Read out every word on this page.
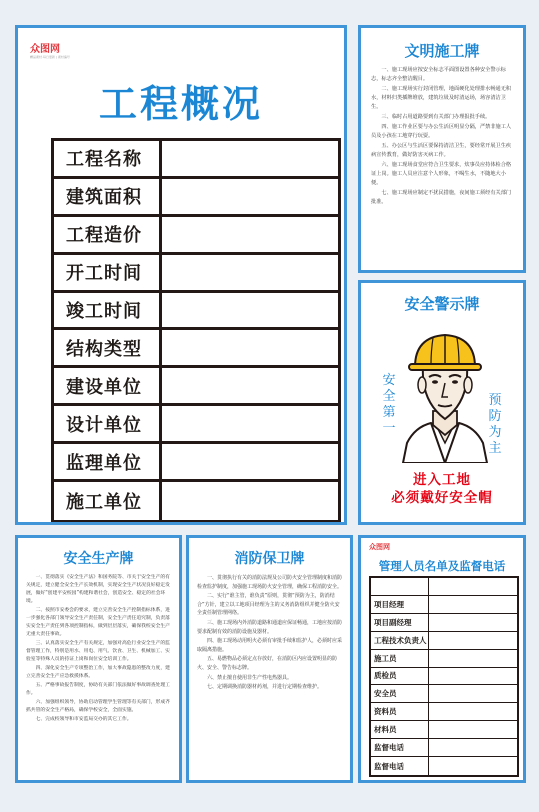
众图网
精品素材·每日更新 | 素材编号
工程概况
工程名称
建筑面积
工程造价
开工时间
竣工时间
结构类型
建设单位
设计单位
监理单位
施工单位
文明施工牌

一、施工现场应按安全标志平面图设置各种安全警示标志，标志齐全整洁醒目。

二、施工现场实行封闭管理，地面硬化处理排水畅通无积水，材料归类插牌堆放，建筑垃圾及时清运场，场容清洁卫生。

三、临时占用道路要到有关部门办理报批手续。

四、施工作业区要与办公生活区明显分隔，严禁非施工人员及小孩在工地穿行玩耍。

五、办公区与生活区要保持清洁卫生，要经常开展卫生疾病宣传教育，做好防害灭病工作。

六、施工现场食堂应符合卫生要求，炊事员应持体检合格证上岗。施工人员应注意个人形象，不喝生水，不随地大小便。

七、施工现场应制定不扰民措施，夜间施工须经有关部门批准。

安全警示牌
安全第一
预防为主
进入工地
必须戴好安全帽
安全生产牌

一、贯彻落实《安全生产法》和国务院等、市关于安全生产的有关规定，建立健全安全生产长效机制，实现安全生产状况良好稳定发展，做好“创建平安校园”构建和谐社会，创造安全、稳定的社会环境。

二、按照市安委会的要求，建立完善安全生产控制指标体系，进一步强化各部门领导安全生产责任制，安全生产责任追究制，负责落实安全生产责任到各项控制指标，做到层层落实，确保我校安全生产无重大责任事故。

三、认真落实安全生产有关规定，加强对高危行业安全生产的监督管理工作，特别是用水、用电、用气、饮食、卫生、机械加工、实验室等特殊人员的持证上岗和岗位安全培训工作。

四、深化安全生产专项整治工作，加大事故隐患的整改力度，建立完善安全生产应急救援体系。

五、严格事故报告制度，协助有关部门依法做好事故调查处理工作。

六、加强组织领导，协助启动管理学生管理等有关部门，形成齐抓共管的安全生产格局，确保学校安全，全面实施。

七、完成校领导和市安监局交办的其它工作。

消防保卫牌

一、贯彻执行有关的消防法规及公司防火安全管理制度和消防检查监护制度，加强施工现场防火安全管理，确保工程消防安全。

二、实行“谁主管，谁负责”原则，贯彻“预防为主，防消结合”方针，建立以工地项目经理为主的义务消防组织并健全防火安全责任制管理网络。

三、施工现场内外消防道路和通道应保证畅通，工地应按消防要求配制有效的消防设施及器材。

四、施工现场动用明火必须有审批手续和监护人，必须时应采取隔离措施。

五、易燃物品必须定点存放好，在消防区内应设置明显的防火、安全、警告标志牌。

六、禁止擅自使用非生产性电热器具。

七、定期调换消防器材药剂，并进行定期检查维护。

众图网
管理人员名单及监督电话
项目经理
项目副经理
工程技术负责人
施工员
质检员
安全员
资料员
材料员
监督电话
监督电话
